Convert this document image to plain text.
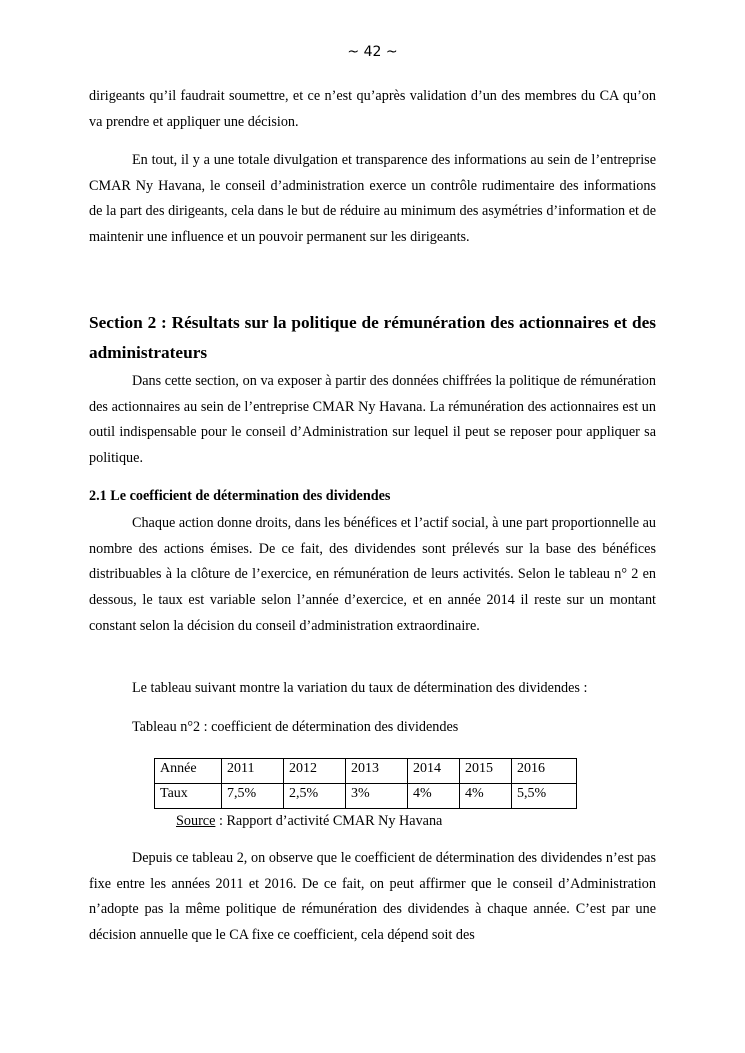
~ 42 ~

dirigeants qu’il faudrait soumettre, et ce n’est qu’après validation d’un des membres du CA qu’on va prendre et appliquer une décision.

En tout, il y a une totale divulgation et transparence des informations au sein de l’entreprise CMAR Ny Havana, le conseil d’administration exerce un contrôle rudimentaire des informations de la part des dirigeants, cela dans le but de réduire au minimum des asymétries d’information et de maintenir une influence et un pouvoir permanent sur les dirigeants.

Section 2 : Résultats sur la politique de rémunération des actionnaires et des administrateurs

Dans cette section, on va exposer à partir des données chiffrées la politique de rémunération des actionnaires au sein de l’entreprise CMAR Ny Havana. La rémunération des actionnaires est un outil indispensable pour le conseil d’Administration sur lequel il peut se reposer pour appliquer sa politique.

2.1 Le coefficient de détermination des dividendes

Chaque action donne droits, dans les bénéfices et l’actif social, à une part proportionnelle au nombre des actions émises. De ce fait, des dividendes sont prélevés sur la base des bénéfices distribuables à la clôture de l’exercice, en rémunération de leurs activités. Selon le tableau n° 2 en dessous, le taux est variable selon l’année d’exercice, et en année 2014 il reste sur un montant constant selon la décision du conseil d’administration extraordinaire.

Le tableau suivant montre la variation du taux de détermination des dividendes :

Tableau n°2 : coefficient de détermination des dividendes

Année	2011	2012	2013	2014	2015	2016
Taux	7,5%	2,5%	3%	4%	4%	5,5%

Source : Rapport d’activité CMAR Ny Havana

Depuis ce tableau 2, on observe que le coefficient de détermination des dividendes n’est pas fixe entre les années 2011 et 2016. De ce fait, on peut affirmer que le conseil d’Administration n’adopte pas la même politique de rémunération des dividendes à chaque année. C’est par une décision annuelle que le CA fixe ce coefficient, cela dépend soit des
